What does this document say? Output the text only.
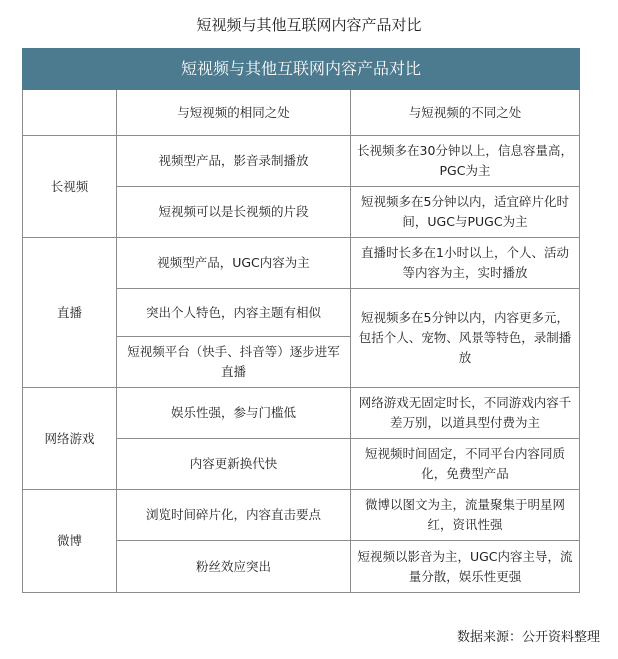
短视频与其他互联网内容产品对比
短视频与其他互联网内容产品对比		
	与短视频的相同之处	与短视频的不同之处
长视频	视频型产品，影音录制播放	长视频多在30分钟以上，信息容量高，PGC为主
	短视频可以是长视频的片段	短视频多在5分钟以内，适宜碎片化时间，UGC与PUGC为主
直播	视频型产品，UGC内容为主	直播时长多在1小时以上，个人、活动等内容为主，实时播放
	突出个人特色，内容主题有相似	短视频多在5分钟以内，内容更多元，包括个人、宠物、风景等特色，录制播放
	短视频平台（快手、抖音等）逐步进军直播	
网络游戏	娱乐性强，参与门槛低	网络游戏无固定时长，不同游戏内容千差万别，以道具型付费为主
	内容更新换代快	短视频时间固定，不同平台内容同质化，免费型产品
微博	浏览时间碎片化，内容直击要点	微博以图文为主，流量聚集于明星网红，资讯性强
	粉丝效应突出	短视频以影音为主，UGC内容主导，流量分散，娱乐性更强
数据来源：公开资料整理
